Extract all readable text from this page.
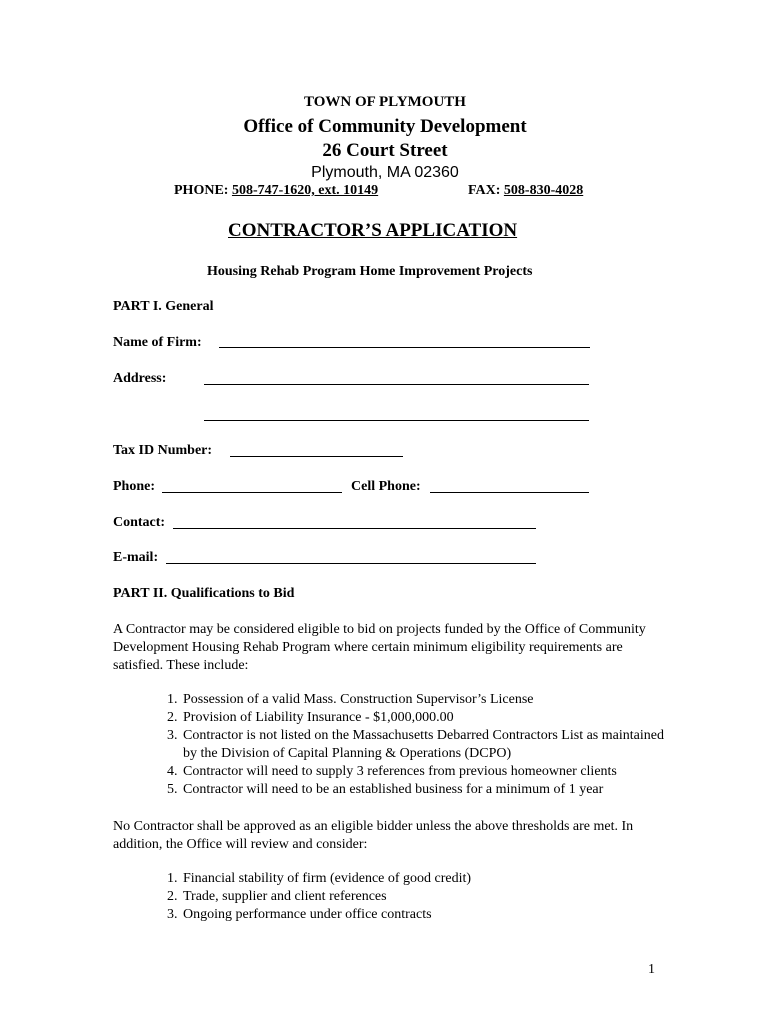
TOWN OF PLYMOUTH
Office of Community Development
26 Court Street
Plymouth, MA 02360
PHONE: 508-747-1620, ext. 10149	FAX: 508-830-4028
CONTRACTOR’S APPLICATION
Housing Rehab Program Home Improvement Projects
PART I. General
Name of Firm:
Address:
Tax ID Number:
Phone:	Cell Phone:
Contact:
E-mail:
PART II. Qualifications to Bid
A Contractor may be considered eligible to bid on projects funded by the Office of Community Development Housing Rehab Program where certain minimum eligibility requirements are satisfied. These include:
1. Possession of a valid Mass. Construction Supervisor’s License
2. Provision of Liability Insurance - $1,000,000.00
3. Contractor is not listed on the Massachusetts Debarred Contractors List as maintained by the Division of Capital Planning & Operations (DCPO)
4. Contractor will need to supply 3 references from previous homeowner clients
5. Contractor will need to be an established business for a minimum of 1 year
No Contractor shall be approved as an eligible bidder unless the above thresholds are met. In addition, the Office will review and consider:
1. Financial stability of firm (evidence of good credit)
2. Trade, supplier and client references
3. Ongoing performance under office contracts
1
